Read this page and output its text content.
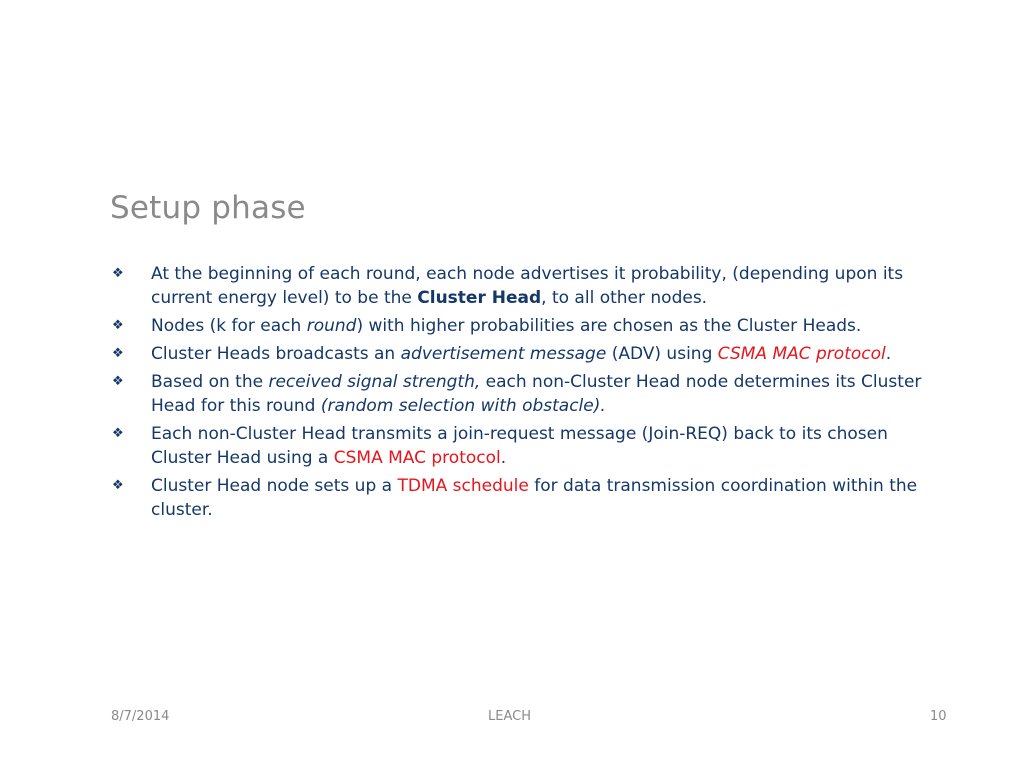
Setup phase
❖ At the beginning of each round, each node advertises it probability, (depending upon its current energy level) to be the Cluster Head, to all other nodes.
❖ Nodes (k for each round) with higher probabilities are chosen as the Cluster Heads.
❖ Cluster Heads broadcasts an advertisement message (ADV) using CSMA MAC protocol.
❖ Based on the received signal strength, each non-Cluster Head node determines its Cluster Head for this round (random selection with obstacle).
❖ Each non-Cluster Head transmits a join-request message (Join-REQ) back to its chosen Cluster Head using a CSMA MAC protocol.
❖ Cluster Head node sets up a TDMA schedule for data transmission coordination within the cluster.
8/7/2014	LEACH	10
